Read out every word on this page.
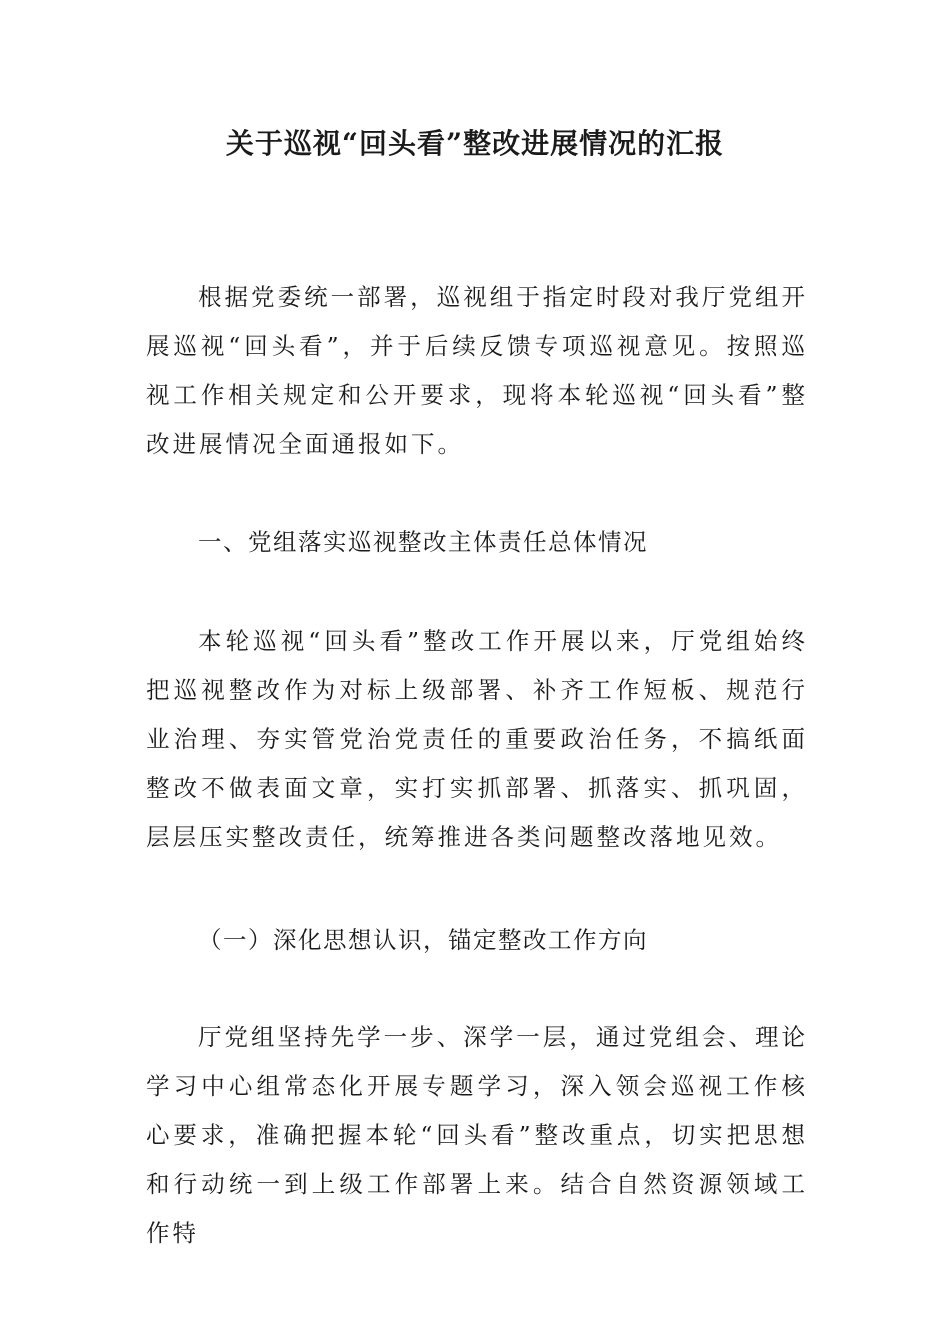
关于巡视“回头看”整改进展情况的汇报

根据党委统一部署，巡视组于指定时段对我厅党组开展巡视“回头看”，并于后续反馈专项巡视意见。按照巡视工作相关规定和公开要求，现将本轮巡视“回头看”整改进展情况全面通报如下。

一、党组落实巡视整改主体责任总体情况

本轮巡视“回头看”整改工作开展以来，厅党组始终把巡视整改作为对标上级部署、补齐工作短板、规范行业治理、夯实管党治党责任的重要政治任务，不搞纸面整改不做表面文章，实打实抓部署、抓落实、抓巩固，层层压实整改责任，统筹推进各类问题整改落地见效。

（一）深化思想认识，锚定整改工作方向

厅党组坚持先学一步、深学一层，通过党组会、理论学习中心组常态化开展专题学习，深入领会巡视工作核心要求，准确把握本轮“回头看”整改重点，切实把思想和行动统一到上级工作部署上来。结合自然资源领域工作特
